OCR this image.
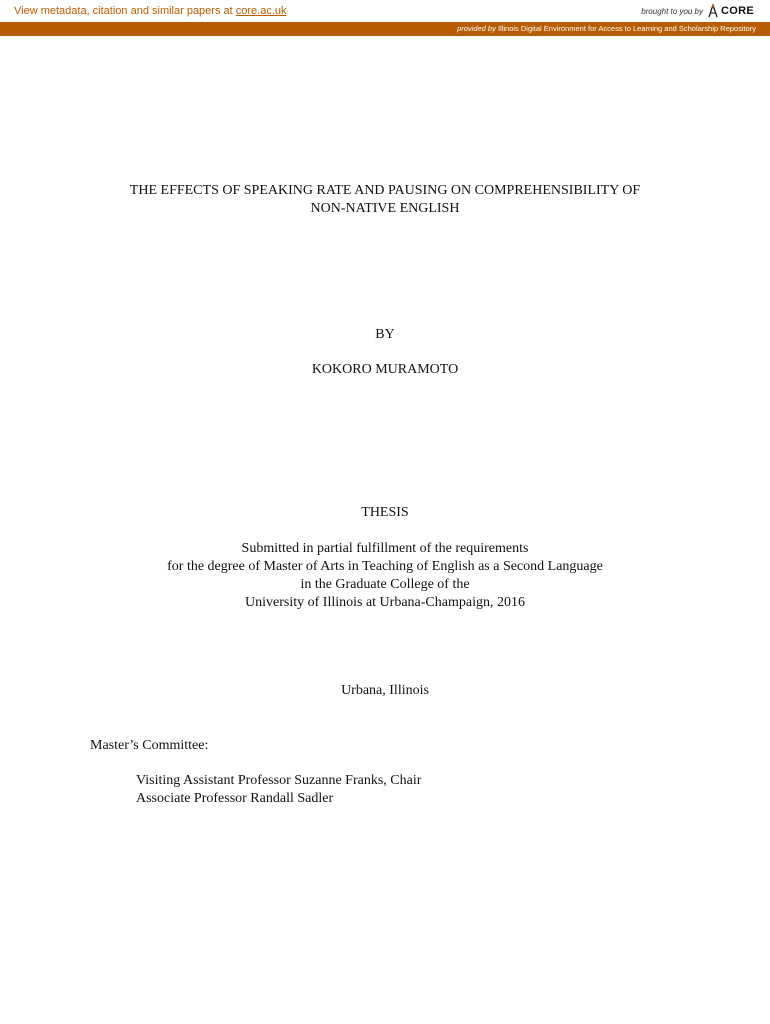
View metadata, citation and similar papers at core.ac.uk	brought to you by CORE
provided by Illinois Digital Environment for Access to Learning and Scholarship Repository
THE EFFECTS OF SPEAKING RATE AND PAUSING ON COMPREHENSIBILITY OF
NON-NATIVE ENGLISH
BY
KOKORO MURAMOTO
THESIS
Submitted in partial fulfillment of the requirements
for the degree of Master of Arts in Teaching of English as a Second Language
in the Graduate College of the
University of Illinois at Urbana-Champaign, 2016
Urbana, Illinois
Master’s Committee:
Visiting Assistant Professor Suzanne Franks, Chair
Associate Professor Randall Sadler
